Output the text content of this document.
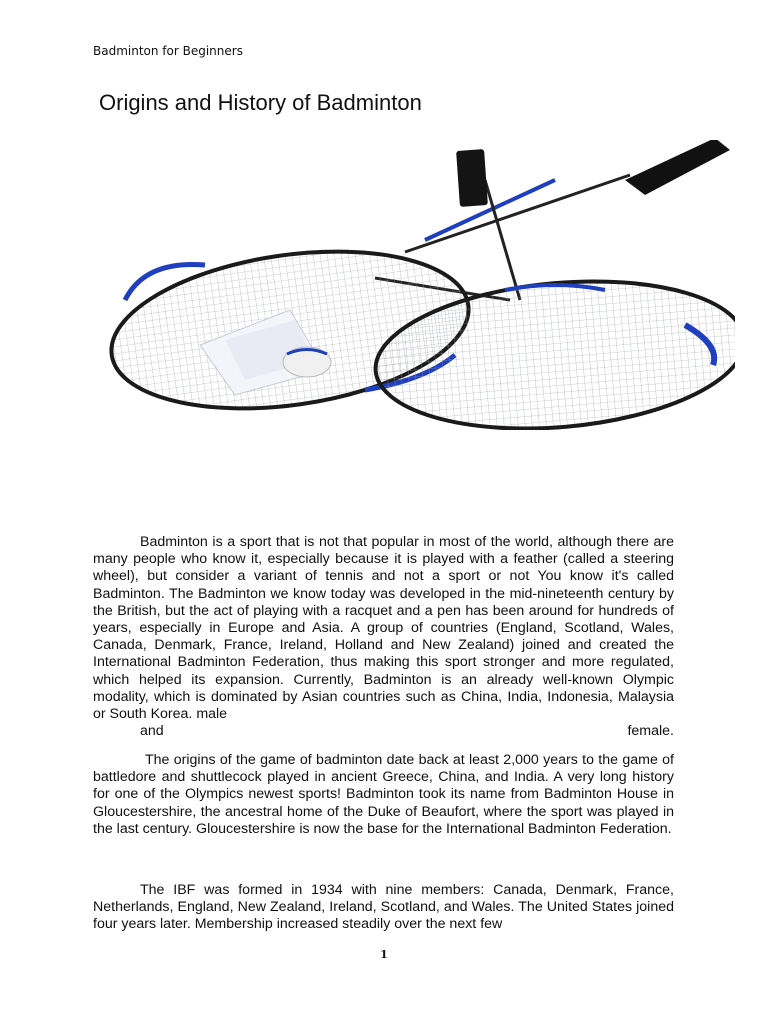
Badminton for Beginners
Origins and History of Badminton

Badminton is a sport that is not that popular in most of the world, although there are many people who know it, especially because it is played with a feather (called a steering wheel), but consider a variant of tennis and not a sport or not You know it's called Badminton. The Badminton we know today was developed in the mid-nineteenth century by the British, but the act of playing with a racquet and a pen has been around for hundreds of years, especially in Europe and Asia. A group of countries (England, Scotland, Wales, Canada, Denmark, France, Ireland, Holland and New Zealand) joined and created the International Badminton Federation, thus making this sport stronger and more regulated, which helped its expansion. Currently, Badminton is an already well-known Olympic modality, which is dominated by Asian countries such as China, India, Indonesia, Malaysia or South Korea. male
and female.

The origins of the game of badminton date back at least 2,000 years to the game of battledore and shuttlecock played in ancient Greece, China, and India. A very long history for one of the Olympics newest sports! Badminton took its name from Badminton House in Gloucestershire, the ancestral home of the Duke of Beaufort, where the sport was played in the last century. Gloucestershire is now the base for the International Badminton Federation.

The IBF was formed in 1934 with nine members: Canada, Denmark, France, Netherlands, England, New Zealand, Ireland, Scotland, and Wales. The United States joined four years later. Membership increased steadily over the next few

1
